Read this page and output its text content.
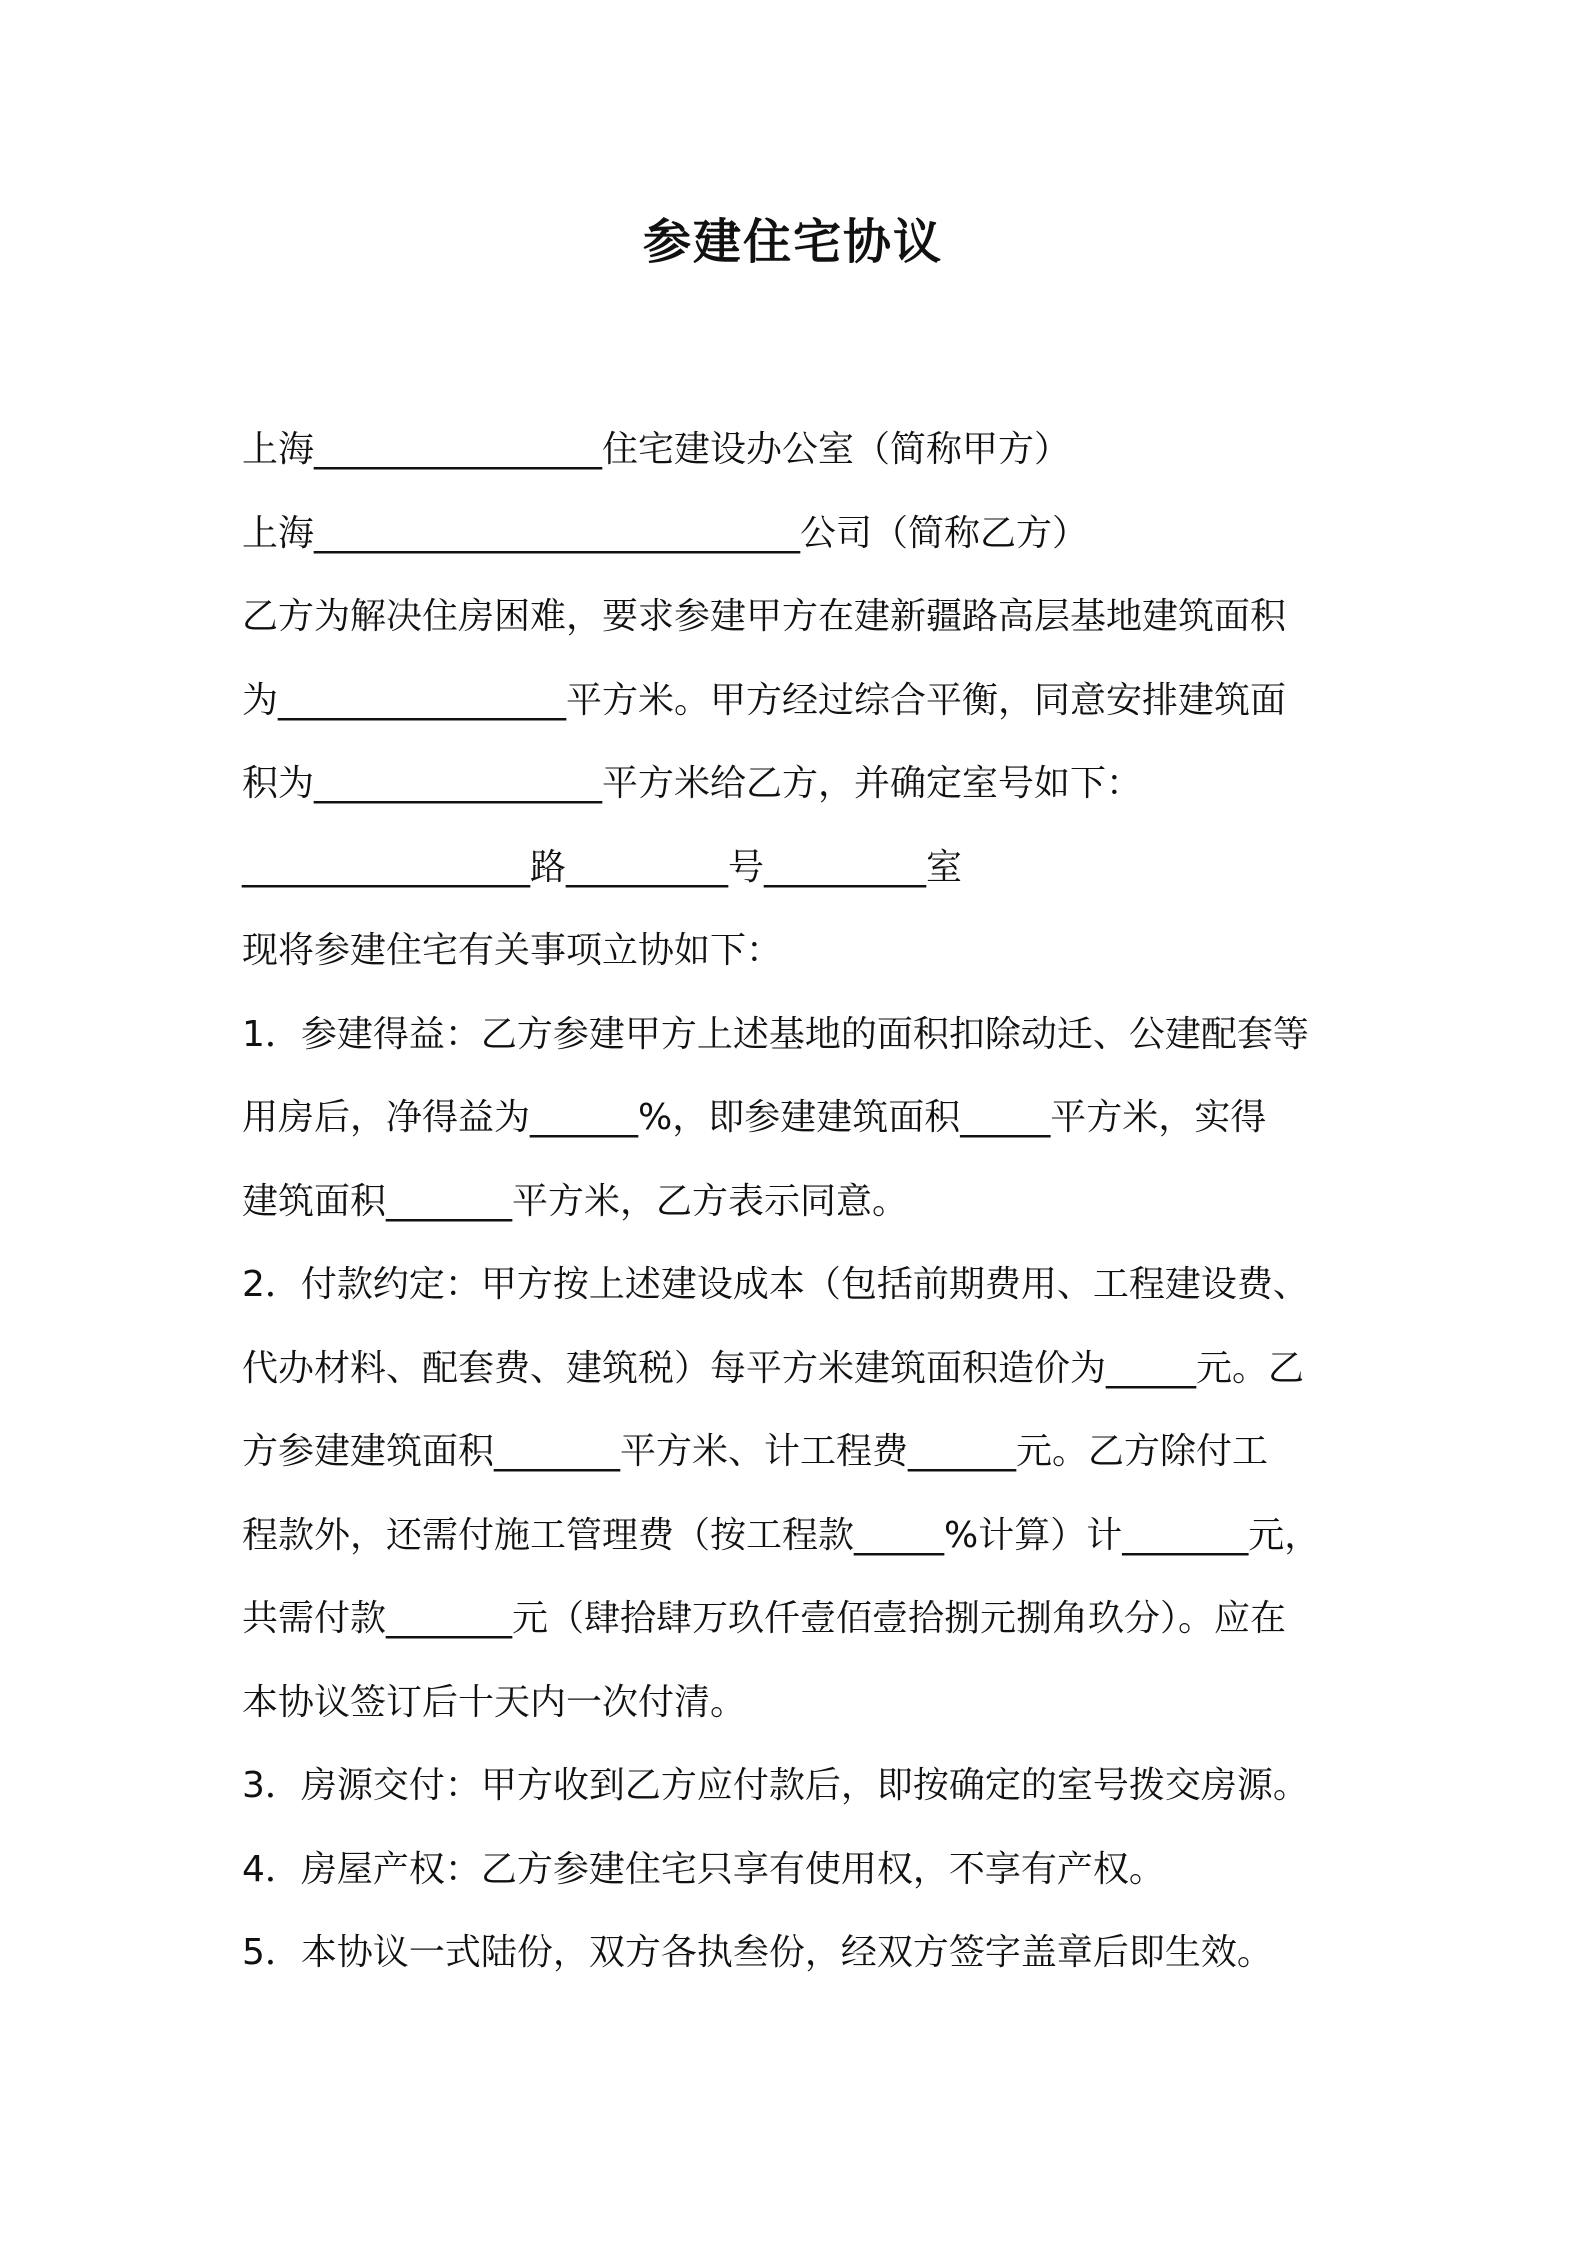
参建住宅协议

上海________________住宅建设办公室（简称甲方）

上海___________________________公司（简称乙方）

乙方为解决住房困难，要求参建甲方在建新疆路高层基地建筑面积

为________________平方米。甲方经过综合平衡，同意安排建筑面

积为________________平方米给乙方，并确定室号如下：

________________路_________号_________室

现将参建住宅有关事项立协如下：

1．参建得益：乙方参建甲方上述基地的面积扣除动迁、公建配套等

用房后，净得益为______%，即参建建筑面积_____平方米，实得

建筑面积_______平方米，乙方表示同意。

2．付款约定：甲方按上述建设成本（包括前期费用、工程建设费、

代办材料、配套费、建筑税）每平方米建筑面积造价为_____元。乙

方参建建筑面积_______平方米、计工程费______元。乙方除付工

程款外，还需付施工管理费（按工程款_____%计算）计_______元，

共需付款_______元（肆拾肆万玖仟壹佰壹拾捌元捌角玖分）。应在

本协议签订后十天内一次付清。

3．房源交付：甲方收到乙方应付款后，即按确定的室号拨交房源。

4．房屋产权：乙方参建住宅只享有使用权，不享有产权。

5．本协议一式陆份，双方各执叁份，经双方签字盖章后即生效。
